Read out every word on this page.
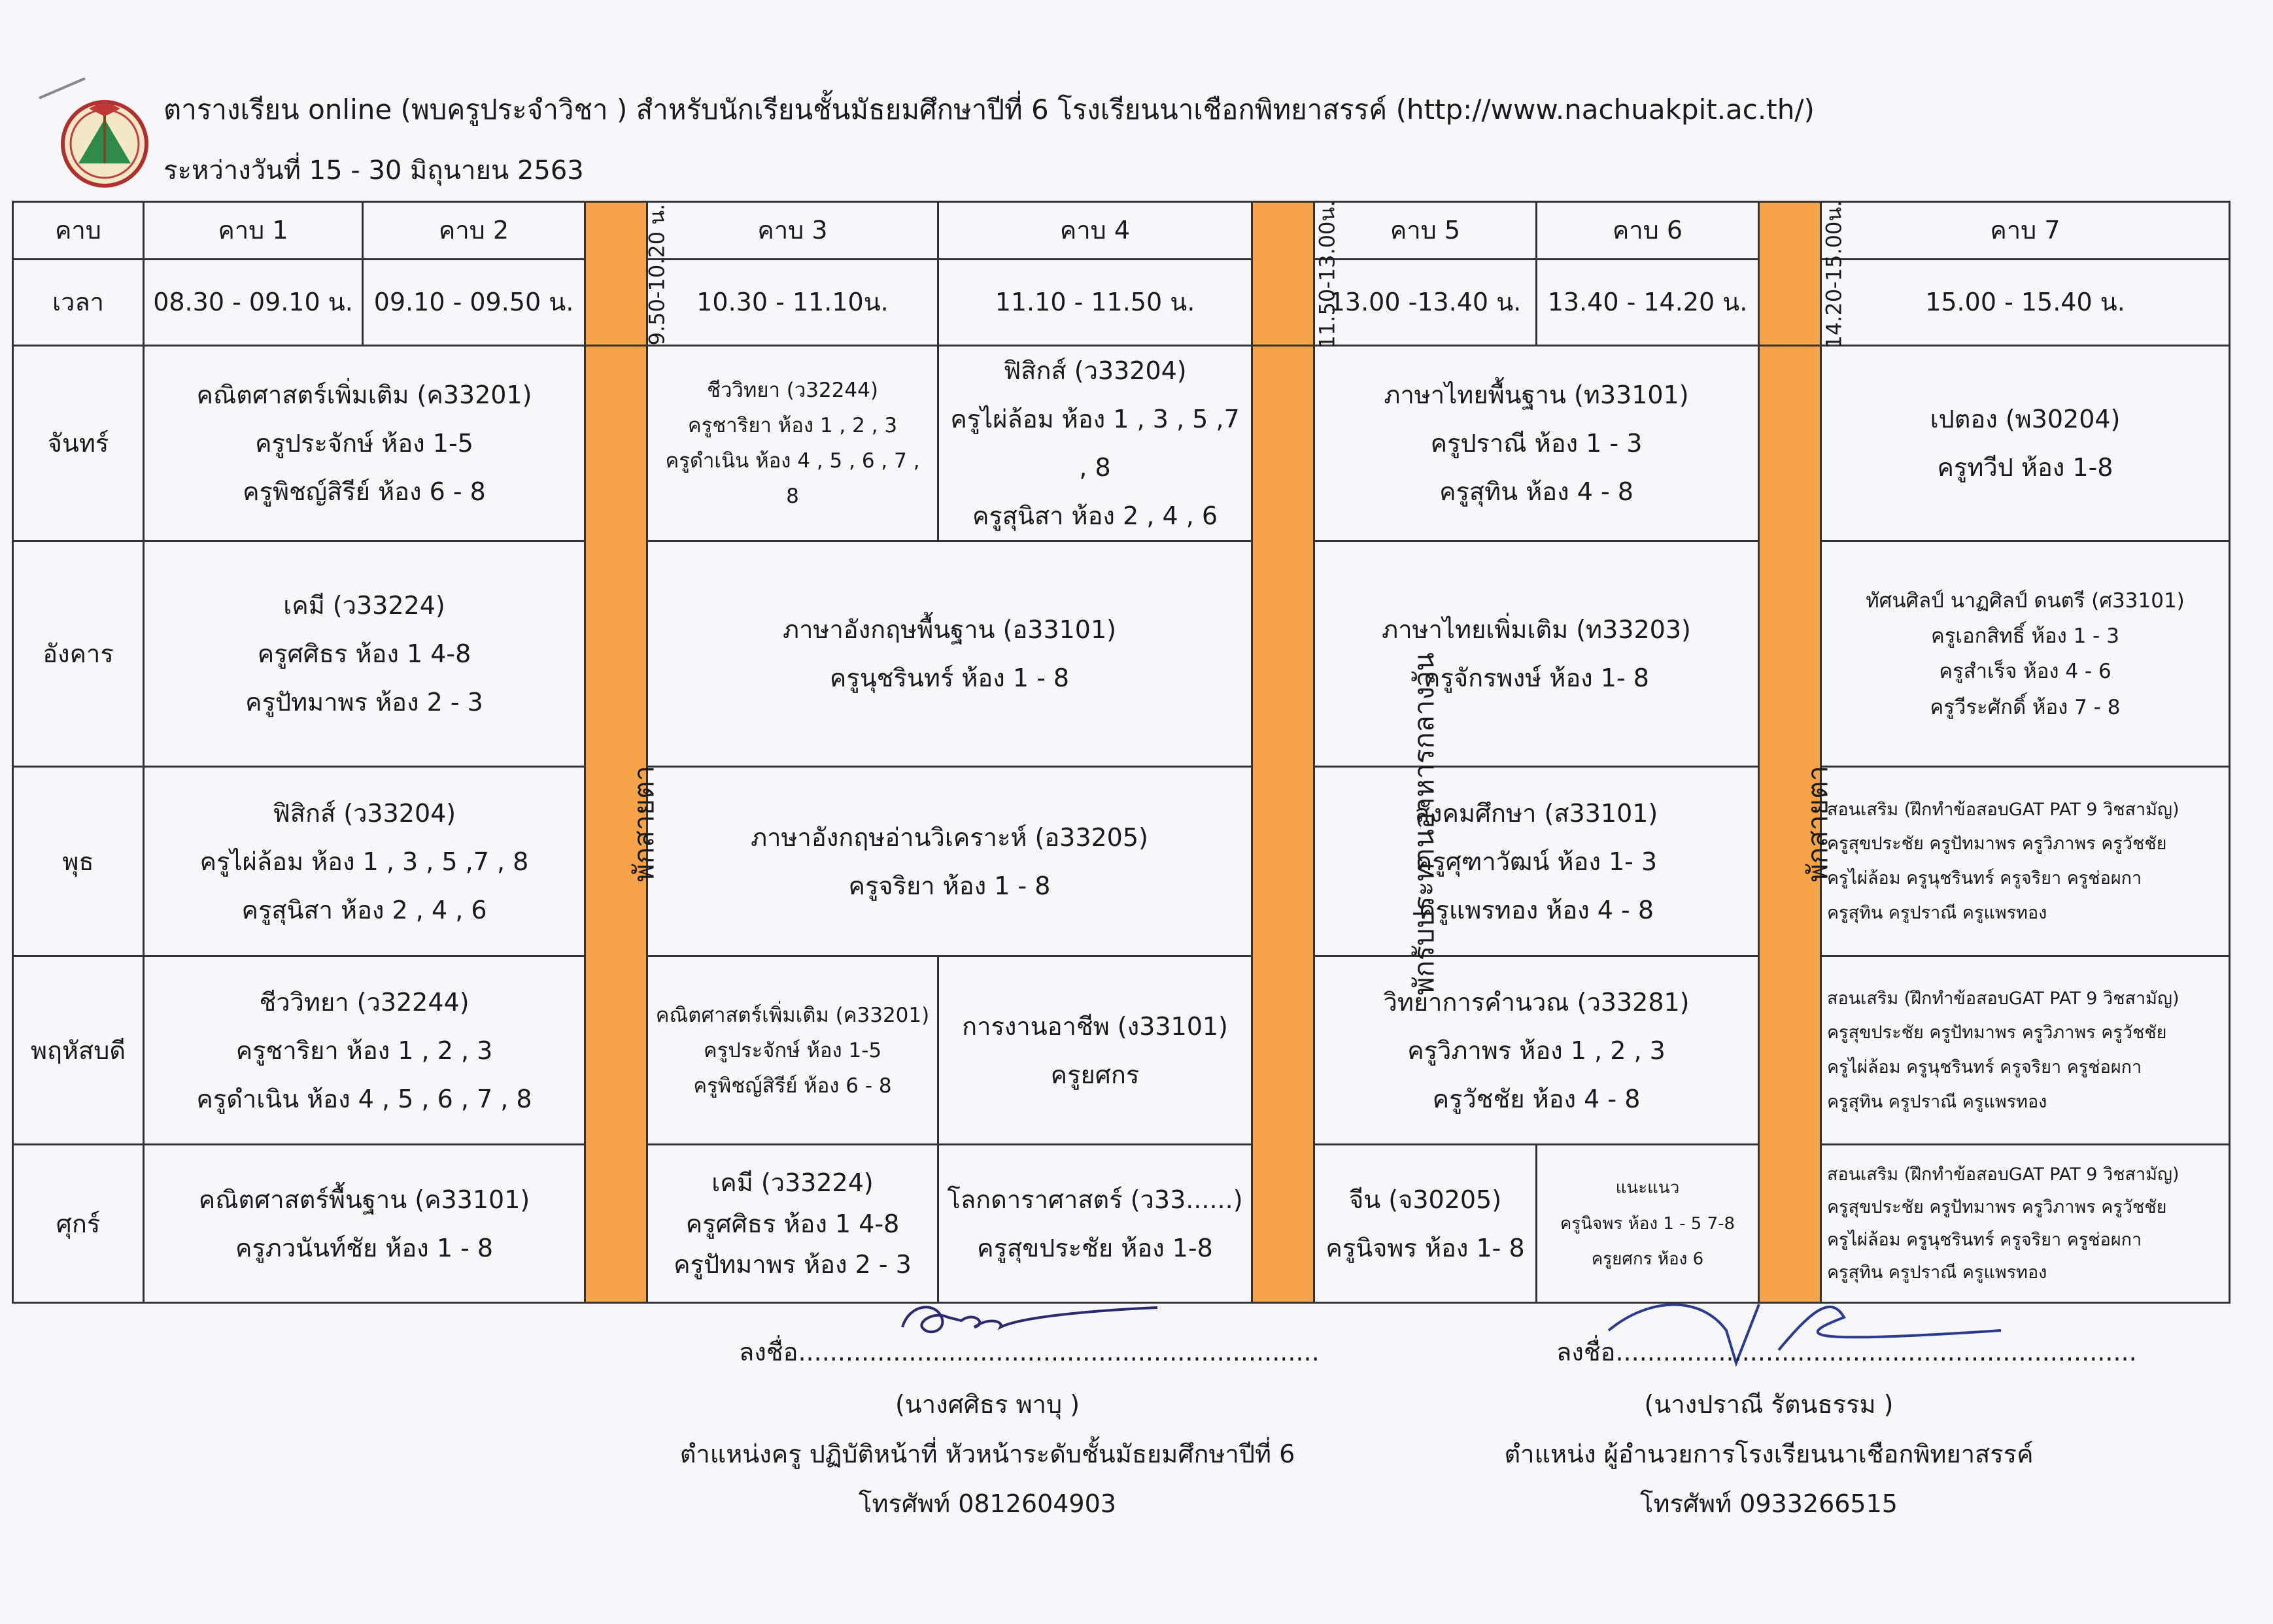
ตารางเรียน online (พบครูประจำวิชา ) สำหรับนักเรียนชั้นมัธยมศึกษาปีที่ 6 โรงเรียนนาเชือกพิทยาสรรค์ (http://www.nachuakpit.ac.th/)
ระหว่างวันที่ 15 - 30 มิถุนายน 2563
คาบ	คาบ 1	คาบ 2	9.50-10.20 น.	คาบ 3	คาบ 4	11.50-13.00น.	คาบ 5	คาบ 6	14.20-15.00น.	คาบ 7
เวลา	08.30 - 09.10 น.	09.10 - 09.50 น.		10.30 - 11.10น.	11.10 - 11.50 น.		13.00 -13.40 น.	13.40 - 14.20 น.		15.00 - 15.40 น.
จันทร์	คณิตศาสตร์เพิ่มเติม (ค33201)
ครูประจักษ์ ห้อง 1-5
ครูพิชญ์สิรีย์ ห้อง 6 - 8		พักสายตา	ชีววิทยา (ว32244)
ครูชาริยา ห้อง 1 , 2 , 3
ครูดำเนิน ห้อง 4 , 5 , 6 , 7 ,
8	ฟิสิกส์ (ว33204)
ครูไผ่ล้อม ห้อง 1 , 3 , 5 ,7 , 8
ครูสุนิสา ห้อง 2 , 4 , 6	พักรับประทานอาหารกลางวัน	ภาษาไทยพื้นฐาน (ท33101)
ครูปราณี ห้อง 1 - 3
ครูสุทิน ห้อง 4 - 8		พักสายตา	เปตอง (พ30204)
ครูทวีป ห้อง 1-8

อังคาร	เคมี (ว33224)
ครูศศิธร ห้อง 1 4-8
ครูปัทมาพร ห้อง 2 - 3			ภาษาอังกฤษพื้นฐาน (อ33101)
ครูนุชรินทร์ ห้อง 1 - 8			ภาษาไทยเพิ่มเติม (ท33203)
ครูจักรพงษ์ ห้อง 1- 8			ทัศนศิลป์ นาฏศิลป์ ดนตรี (ศ33101)
ครูเอกสิทธิ์ ห้อง 1 - 3
ครูสำเร็จ ห้อง 4 - 6
ครูวีระศักดิ์ ห้อง 7 - 8

พุธ	ฟิสิกส์ (ว33204)
ครูไผ่ล้อม ห้อง 1 , 3 , 5 ,7 , 8
ครูสุนิสา ห้อง 2 , 4 , 6			ภาษาอังกฤษอ่านวิเคราะห์ (อ33205)
ครูจริยา ห้อง 1 - 8			สังคมศึกษา (ส33101)
ครูศุฑาวัฒน์ ห้อง 1- 3
ครูแพรทอง ห้อง 4 - 8			สอนเสริม (ฝึกทำข้อสอบGAT PAT 9 วิชสามัญ)
ครูสุขประชัย ครูปัทมาพร ครูวิภาพร ครูวัชชัย
ครูไผ่ล้อม ครูนุชรินทร์ ครูจริยา ครูช่อผกา
ครูสุทิน ครูปราณี ครูแพรทอง

พฤหัสบดี	ชีววิทยา (ว32244)
ครูชาริยา ห้อง 1 , 2 , 3
ครูดำเนิน ห้อง 4 , 5 , 6 , 7 , 8			คณิตศาสตร์เพิ่มเติม (ค33201)
ครูประจักษ์ ห้อง 1-5
ครูพิชญ์สิรีย์ ห้อง 6 - 8	การงานอาชีพ (ง33101)
ครูยศกร		วิทยาการคำนวณ (ว33281)
ครูวิภาพร ห้อง 1 , 2 , 3
ครูวัชชัย ห้อง 4 - 8			สอนเสริม (ฝึกทำข้อสอบGAT PAT 9 วิชสามัญ)
ครูสุขประชัย ครูปัทมาพร ครูวิภาพร ครูวัชชัย
ครูไผ่ล้อม ครูนุชรินทร์ ครูจริยา ครูช่อผกา
ครูสุทิน ครูปราณี ครูแพรทอง

ศุกร์	คณิตศาสตร์พื้นฐาน (ค33101)
ครูภวนันท์ชัย ห้อง 1 - 8			เคมี (ว33224)
ครูศศิธร ห้อง 1 4-8
ครูปัทมาพร ห้อง 2 - 3	โลกดาราศาสตร์ (ว33......)
ครูสุขประชัย ห้อง 1-8		จีน (จ30205)
ครูนิจพร ห้อง 1- 8	แนะแนว
ครูนิจพร ห้อง 1 - 5 7-8
ครูยศกร ห้อง 6		สอนเสริม (ฝึกทำข้อสอบGAT PAT 9 วิชสามัญ)
ครูสุขประชัย ครูปัทมาพร ครูวิภาพร ครูวัชชัย
ครูไผ่ล้อม ครูนุชรินทร์ ครูจริยา ครูช่อผกา
ครูสุทิน ครูปราณี ครูแพรทอง
ลงชื่อ..................................................................
(นางศศิธร พาบุ )
ตำแหน่งครู ปฏิบัติหน้าที่ หัวหน้าระดับชั้นมัธยมศึกษาปีที่ 6
โทรศัพท์ 0812604903
ลงชื่อ..................................................................
(นางปราณี รัตนธรรม )
ตำแหน่ง ผู้อำนวยการโรงเรียนนาเชือกพิทยาสรรค์
โทรศัพท์ 0933266515
